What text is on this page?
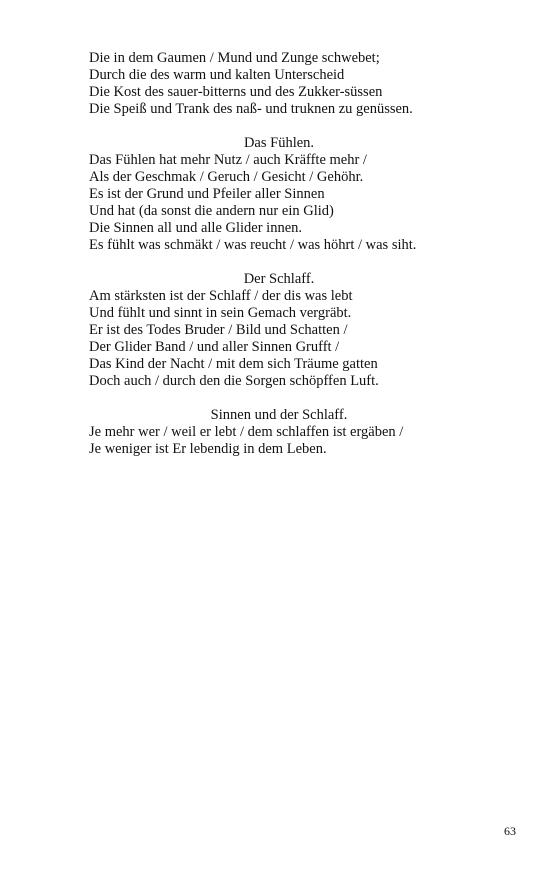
Die in dem Gaumen / Mund und Zunge schwebet;
Durch die des warm und kalten Unterscheid
Die Kost des sauer-bitterns und des Zukker-süssen
Die Speiß und Trank des naß- und truknen zu genüssen.
Das Fühlen.
Das Fühlen hat mehr Nutz / auch Kräffte mehr /
Als der Geschmak / Geruch / Gesicht / Gehöhr.
Es ist der Grund und Pfeiler aller Sinnen
Und hat (da sonst die andern nur ein Glid)
Die Sinnen all und alle Glider innen.
Es fühlt was schmäkt / was reucht / was höhrt / was siht.
Der Schlaff.
Am stärksten ist der Schlaff / der dis was lebt
Und fühlt und sinnt in sein Gemach vergräbt.
Er ist des Todes Bruder / Bild und Schatten /
Der Glider Band / und aller Sinnen Grufft /
Das Kind der Nacht / mit dem sich Träume gatten
Doch auch / durch den die Sorgen schöpffen Luft.
Sinnen und der Schlaff.
Je mehr wer / weil er lebt / dem schlaffen ist ergäben /
Je weniger ist Er lebendig in dem Leben.
63
